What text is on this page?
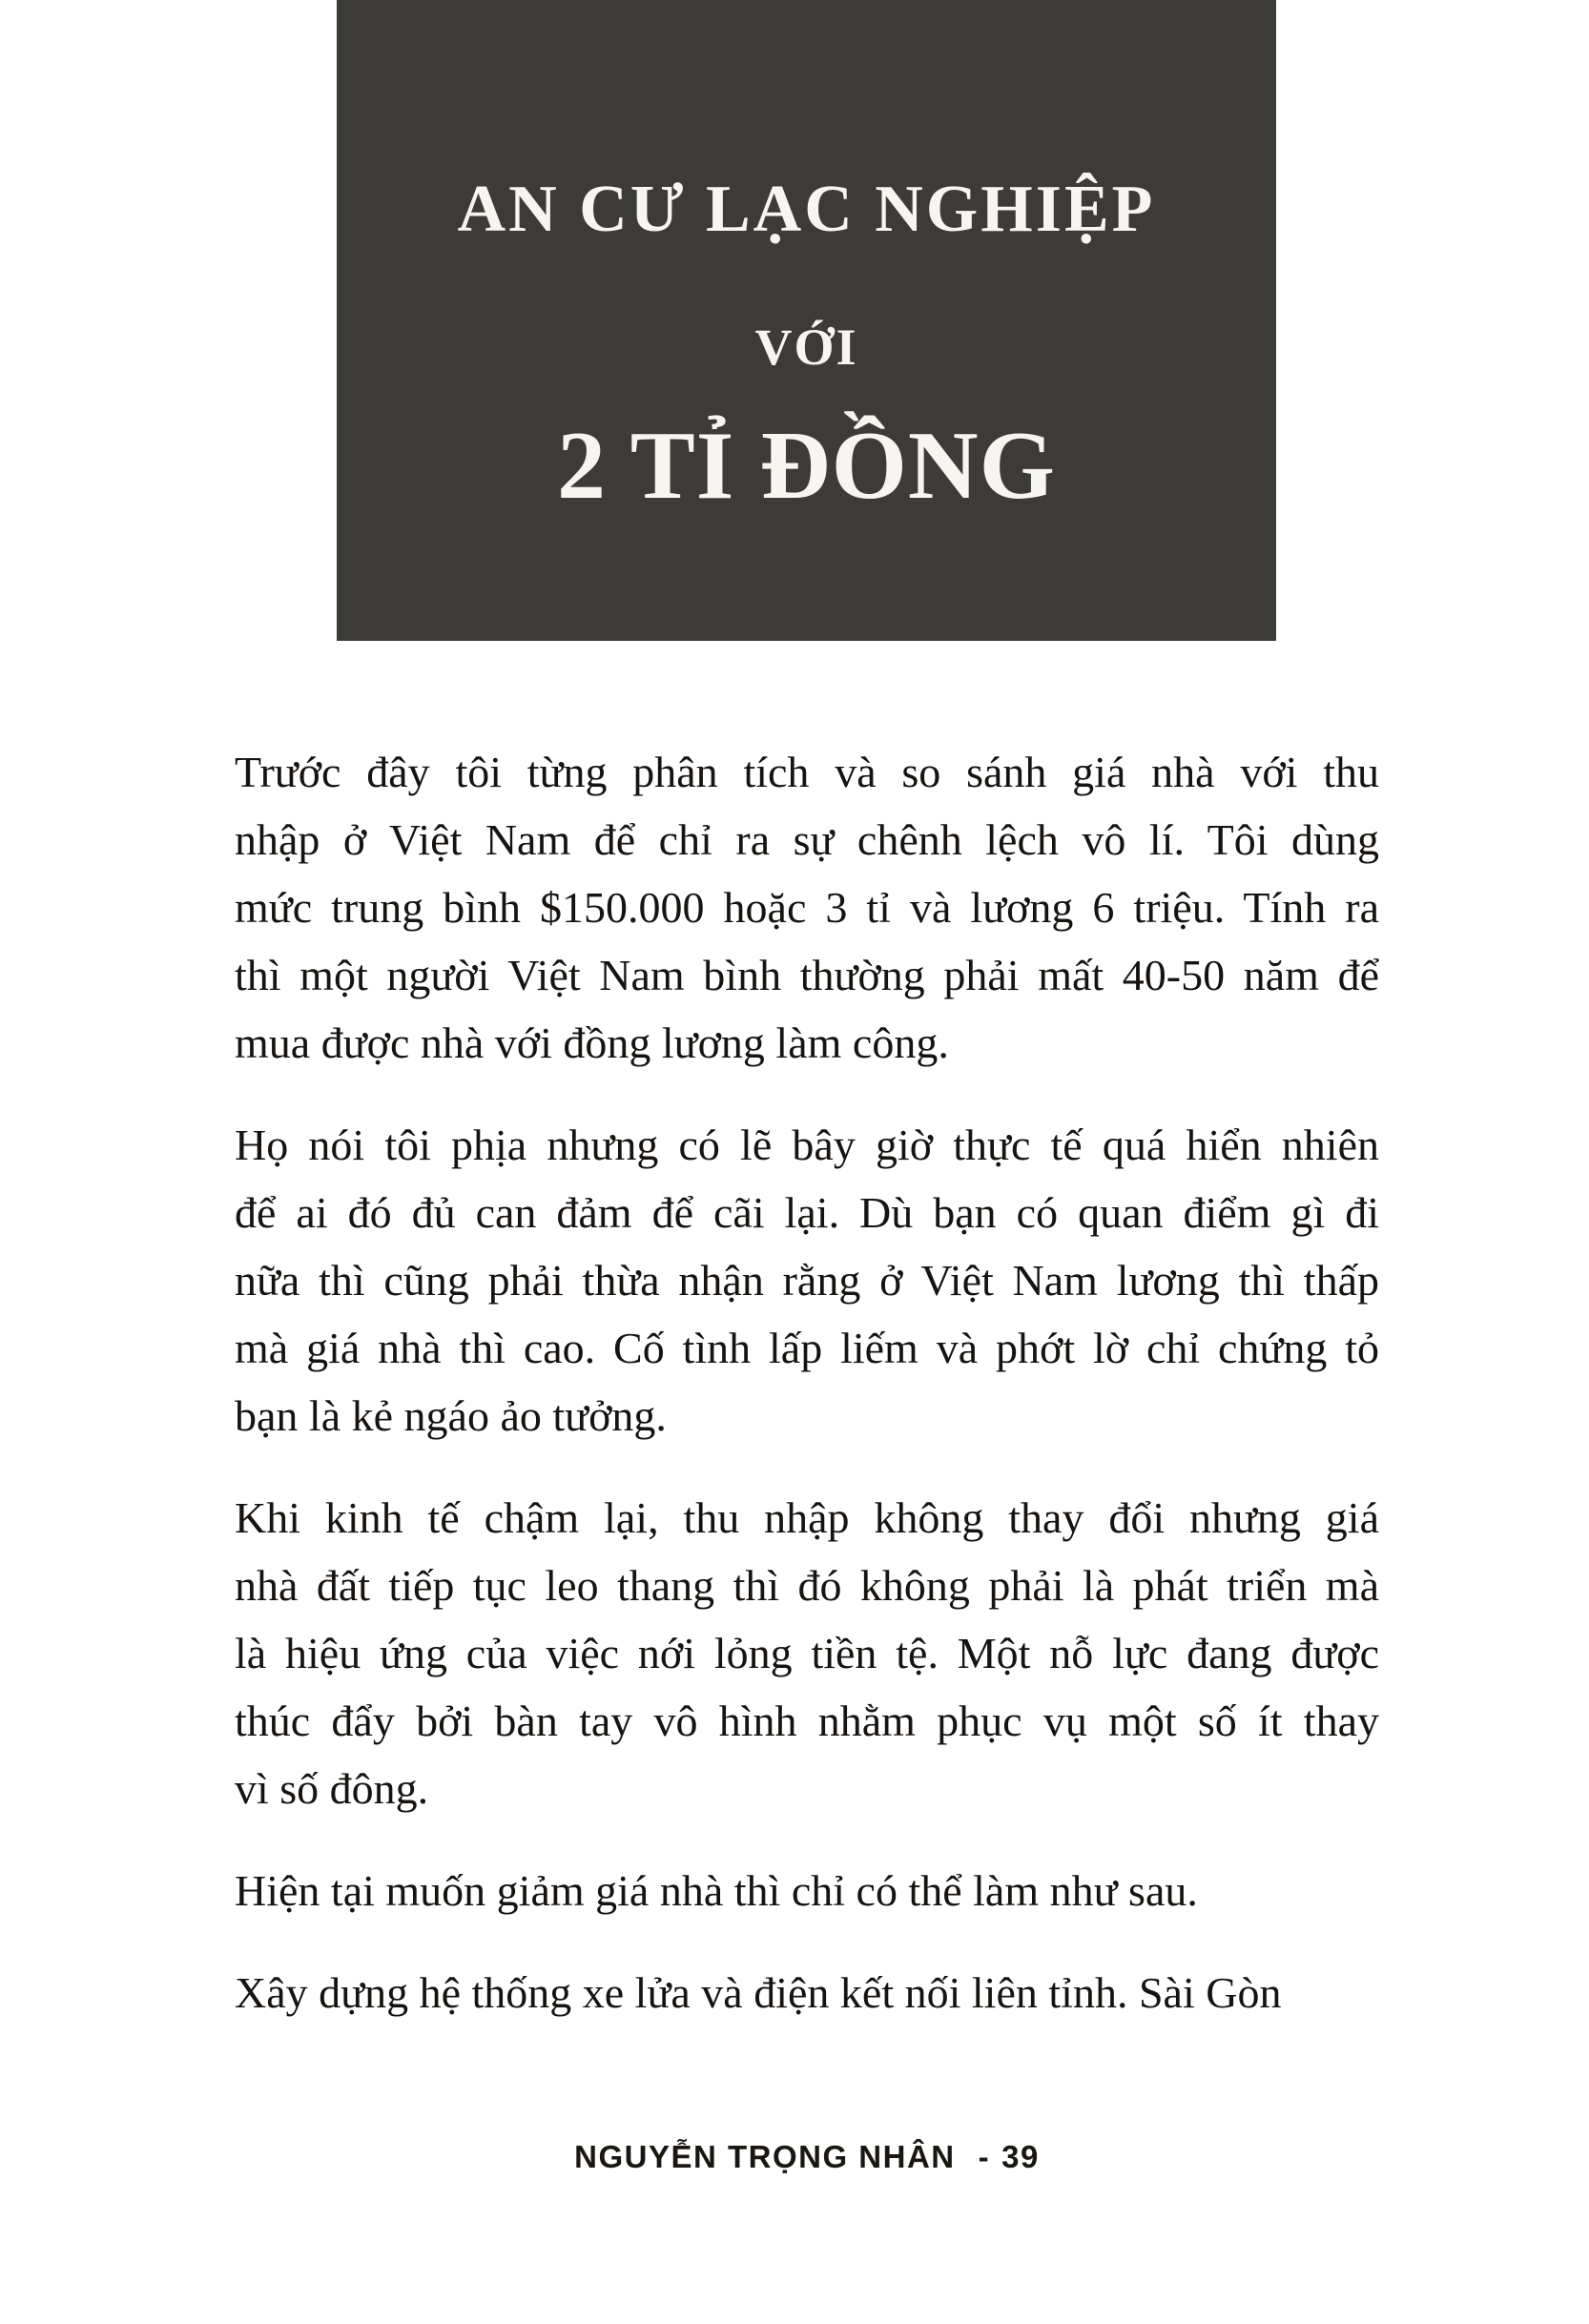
AN CƯ LẠC NGHIỆP
VỚI
2 TỈ ĐỒNG

Trước đây tôi từng phân tích và so sánh giá nhà với thu
nhập ở Việt Nam để chỉ ra sự chênh lệch vô lí. Tôi dùng
mức trung bình $150.000 hoặc 3 tỉ và lương 6 triệu. Tính ra
thì một người Việt Nam bình thường phải mất 40-50 năm để
mua được nhà với đồng lương làm công.

Họ nói tôi phịa nhưng có lẽ bây giờ thực tế quá hiển nhiên
để ai đó đủ can đảm để cãi lại. Dù bạn có quan điểm gì đi
nữa thì cũng phải thừa nhận rằng ở Việt Nam lương thì thấp
mà giá nhà thì cao. Cố tình lấp liếm và phớt lờ chỉ chứng tỏ
bạn là kẻ ngáo ảo tưởng.

Khi kinh tế chậm lại, thu nhập không thay đổi nhưng giá
nhà đất tiếp tục leo thang thì đó không phải là phát triển mà
là hiệu ứng của việc nới lỏng tiền tệ. Một nỗ lực đang được
thúc đẩy bởi bàn tay vô hình nhằm phục vụ một số ít thay
vì số đông.

Hiện tại muốn giảm giá nhà thì chỉ có thể làm như sau.

Xây dựng hệ thống xe lửa và điện kết nối liên tỉnh. Sài Gòn

NGUYỄN TRỌNG NHÂN - 39
